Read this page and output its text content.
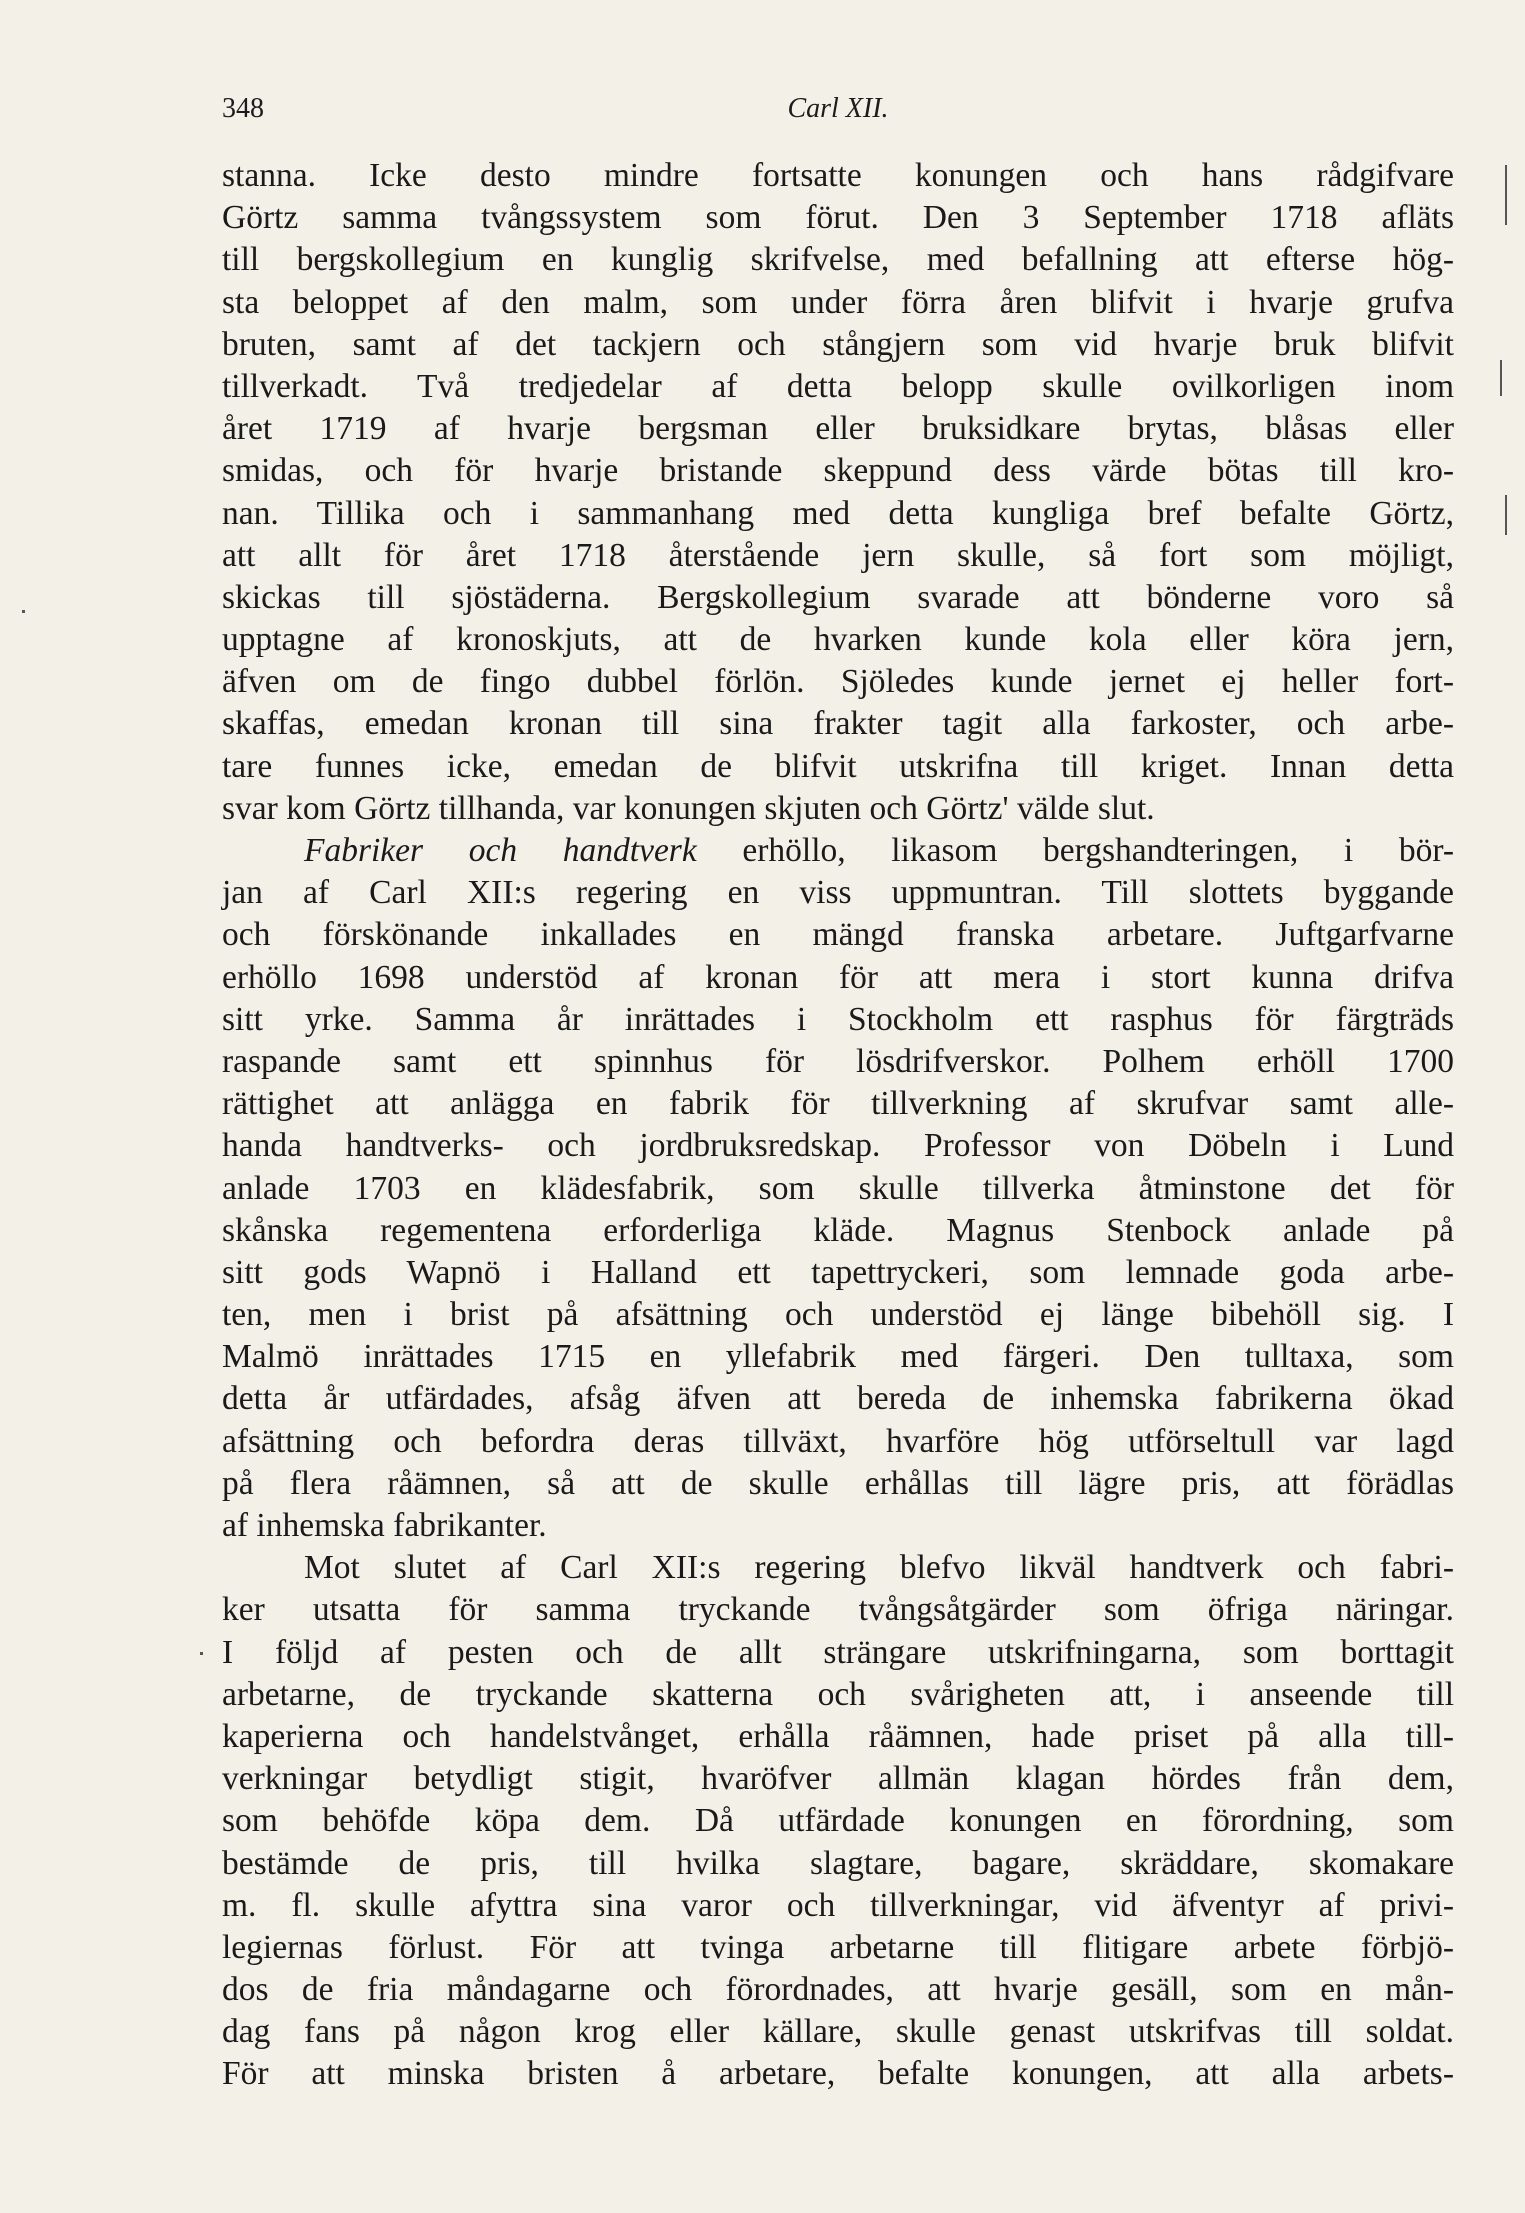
348	Carl XII.
stanna. Icke desto mindre fortsatte konungen och hans rådgifvare
Görtz samma tvångssystem som förut. Den 3 September 1718 afläts
till bergskollegium en kunglig skrifvelse, med befallning att efterse hög-
sta beloppet af den malm, som under förra åren blifvit i hvarje grufva
bruten, samt af det tackjern och stångjern som vid hvarje bruk blifvit
tillverkadt. Två tredjedelar af detta belopp skulle ovilkorligen inom
året 1719 af hvarje bergsman eller bruksidkare brytas, blåsas eller
smidas, och för hvarje bristande skeppund dess värde bötas till kro-
nan. Tillika och i sammanhang med detta kungliga bref befalte Görtz,
att allt för året 1718 återstående jern skulle, så fort som möjligt,
skickas till sjöstäderna. Bergskollegium svarade att bönderne voro så
upptagne af kronoskjuts, att de hvarken kunde kola eller köra jern,
äfven om de fingo dubbel förlön. Sjöledes kunde jernet ej heller fort-
skaffas, emedan kronan till sina frakter tagit alla farkoster, och arbe-
tare funnes icke, emedan de blifvit utskrifna till kriget. Innan detta
svar kom Görtz tillhanda, var konungen skjuten och Görtz' välde slut.
Fabriker och handtverk erhöllo, likasom bergshandteringen, i bör-
jan af Carl XII:s regering en viss uppmuntran. Till slottets byggande
och förskönande inkallades en mängd franska arbetare. Juftgarfvarne
erhöllo 1698 understöd af kronan för att mera i stort kunna drifva
sitt yrke. Samma år inrättades i Stockholm ett rasphus för färgträds
raspande samt ett spinnhus för lösdrifverskor. Polhem erhöll 1700
rättighet att anlägga en fabrik för tillverkning af skrufvar samt alle-
handa handtverks- och jordbruksredskap. Professor von Döbeln i Lund
anlade 1703 en klädesfabrik, som skulle tillverka åtminstone det för
skånska regementena erforderliga kläde. Magnus Stenbock anlade på
sitt gods Wapnö i Halland ett tapettryckeri, som lemnade goda arbe-
ten, men i brist på afsättning och understöd ej länge bibehöll sig. I
Malmö inrättades 1715 en yllefabrik med färgeri. Den tulltaxa, som
detta år utfärdades, afsåg äfven att bereda de inhemska fabrikerna ökad
afsättning och befordra deras tillväxt, hvarföre hög utförseltull var lagd
på flera råämnen, så att de skulle erhållas till lägre pris, att förädlas
af inhemska fabrikanter.
Mot slutet af Carl XII:s regering blefvo likväl handtverk och fabri-
ker utsatta för samma tryckande tvångsåtgärder som öfriga näringar.
I följd af pesten och de allt strängare utskrifningarna, som borttagit
arbetarne, de tryckande skatterna och svårigheten att, i anseende till
kaperierna och handelstvånget, erhålla råämnen, hade priset på alla till-
verkningar betydligt stigit, hvaröfver allmän klagan hördes från dem,
som behöfde köpa dem. Då utfärdade konungen en förordning, som
bestämde de pris, till hvilka slagtare, bagare, skräddare, skomakare
m. fl. skulle afyttra sina varor och tillverkningar, vid äfventyr af privi-
legiernas förlust. För att tvinga arbetarne till flitigare arbete förbjö-
dos de fria måndagarne och förordnades, att hvarje gesäll, som en mån-
dag fans på någon krog eller källare, skulle genast utskrifvas till soldat.
För att minska bristen å arbetare, befalte konungen, att alla arbets-
